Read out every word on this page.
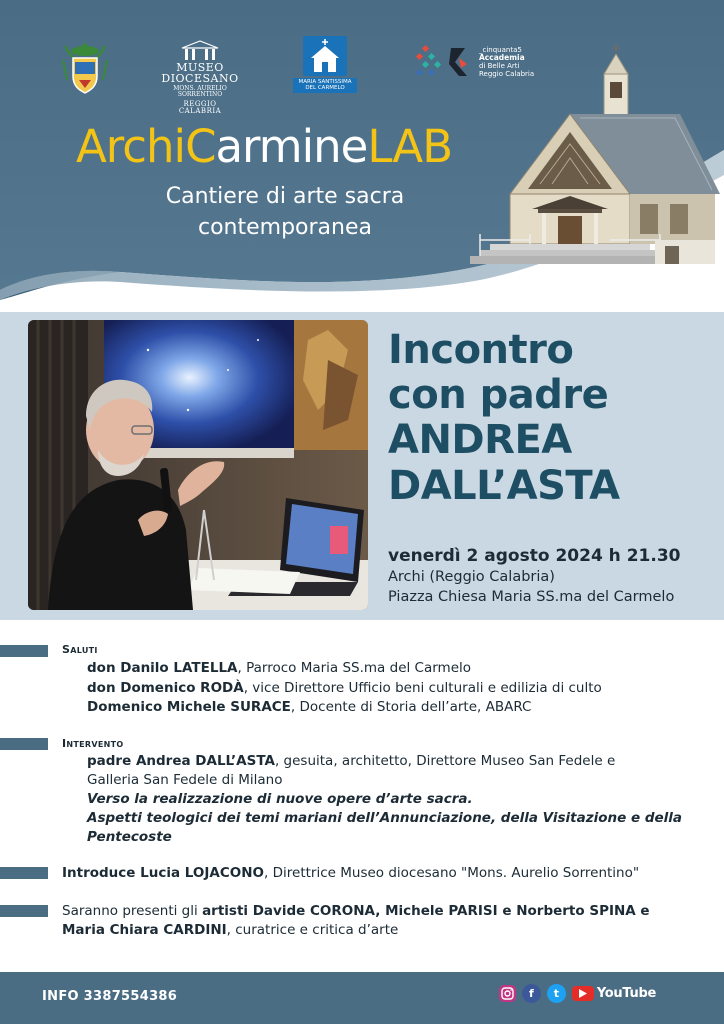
MUSEO DIOCESANO
MONS. AURELIO SORRENTINO
REGGIO CALABRIA
MARIA SANTISSIMA
DEL CARMELO
_cinquanta5
Accademia
di Belle Arti
Reggio Calabria
ArchiCarmineLAB
Cantiere di arte sacra
contemporanea
Incontro
con padre
ANDREA
DALL’ASTA
venerdì 2 agosto 2024 h 21.30
Archi (Reggio Calabria)
Piazza Chiesa Maria SS.ma del Carmelo
Saluti
don Danilo LATELLA, Parroco Maria SS.ma del Carmelo
don Domenico RODÀ, vice Direttore Ufficio beni culturali e edilizia di culto
Domenico Michele SURACE, Docente di Storia dell’arte, ABARC
Intervento
padre Andrea DALL’ASTA, gesuita, architetto, Direttore Museo San Fedele e
Galleria San Fedele di Milano
Verso la realizzazione di nuove opere d’arte sacra.
Aspetti teologici dei temi mariani dell’Annunciazione, della Visitazione e della
Pentecoste
Introduce Lucia LOJACONO, Direttrice Museo diocesano "Mons. Aurelio Sorrentino"
Saranno presenti gli artisti Davide CORONA, Michele PARISI e Norberto SPINA e
Maria Chiara CARDINI, curatrice e critica d’arte
INFO 3387554386	f	t	YouTube
